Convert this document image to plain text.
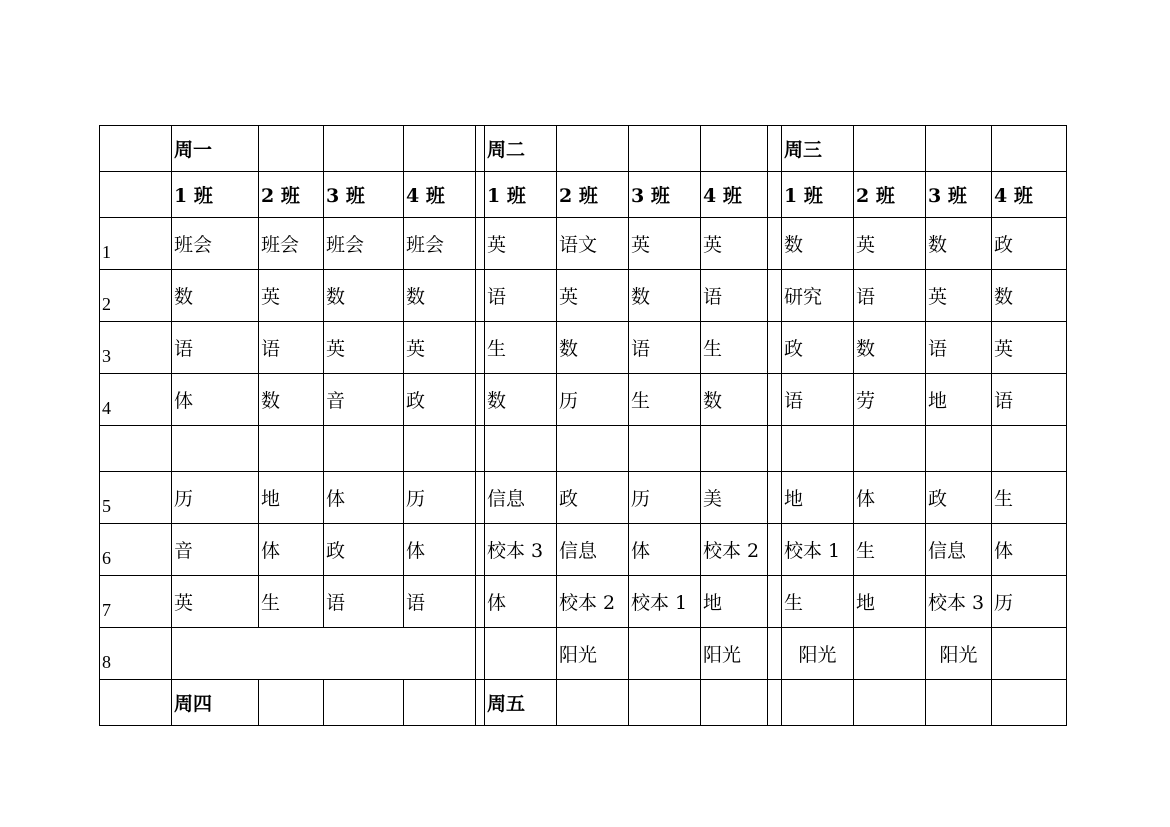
	周一					周二					周三			
	1 班	2 班	3 班	4 班		1 班	2 班	3 班	4 班		1 班	2 班	3 班	4 班
1	班会	班会	班会	班会		英	语文	英	英		数	英	数	政
2	数	英	数	数		语	英	数	语		研究	语	英	数
3	语	语	英	英		生	数	语	生		政	数	语	英
4	体	数	音	政		数	历	生	数		语	劳	地	语

5	历	地	体	历		信息	政	历	美		地	体	政	生
6	音	体	政	体		校本 3	信息	体	校本 2		校本 1	生	信息	体
7	英	生	语	语		体	校本 2	校本 1	地		生	地	校本 3	历
8							阳光		阳光		阳光		阳光	
	周四					周五								
